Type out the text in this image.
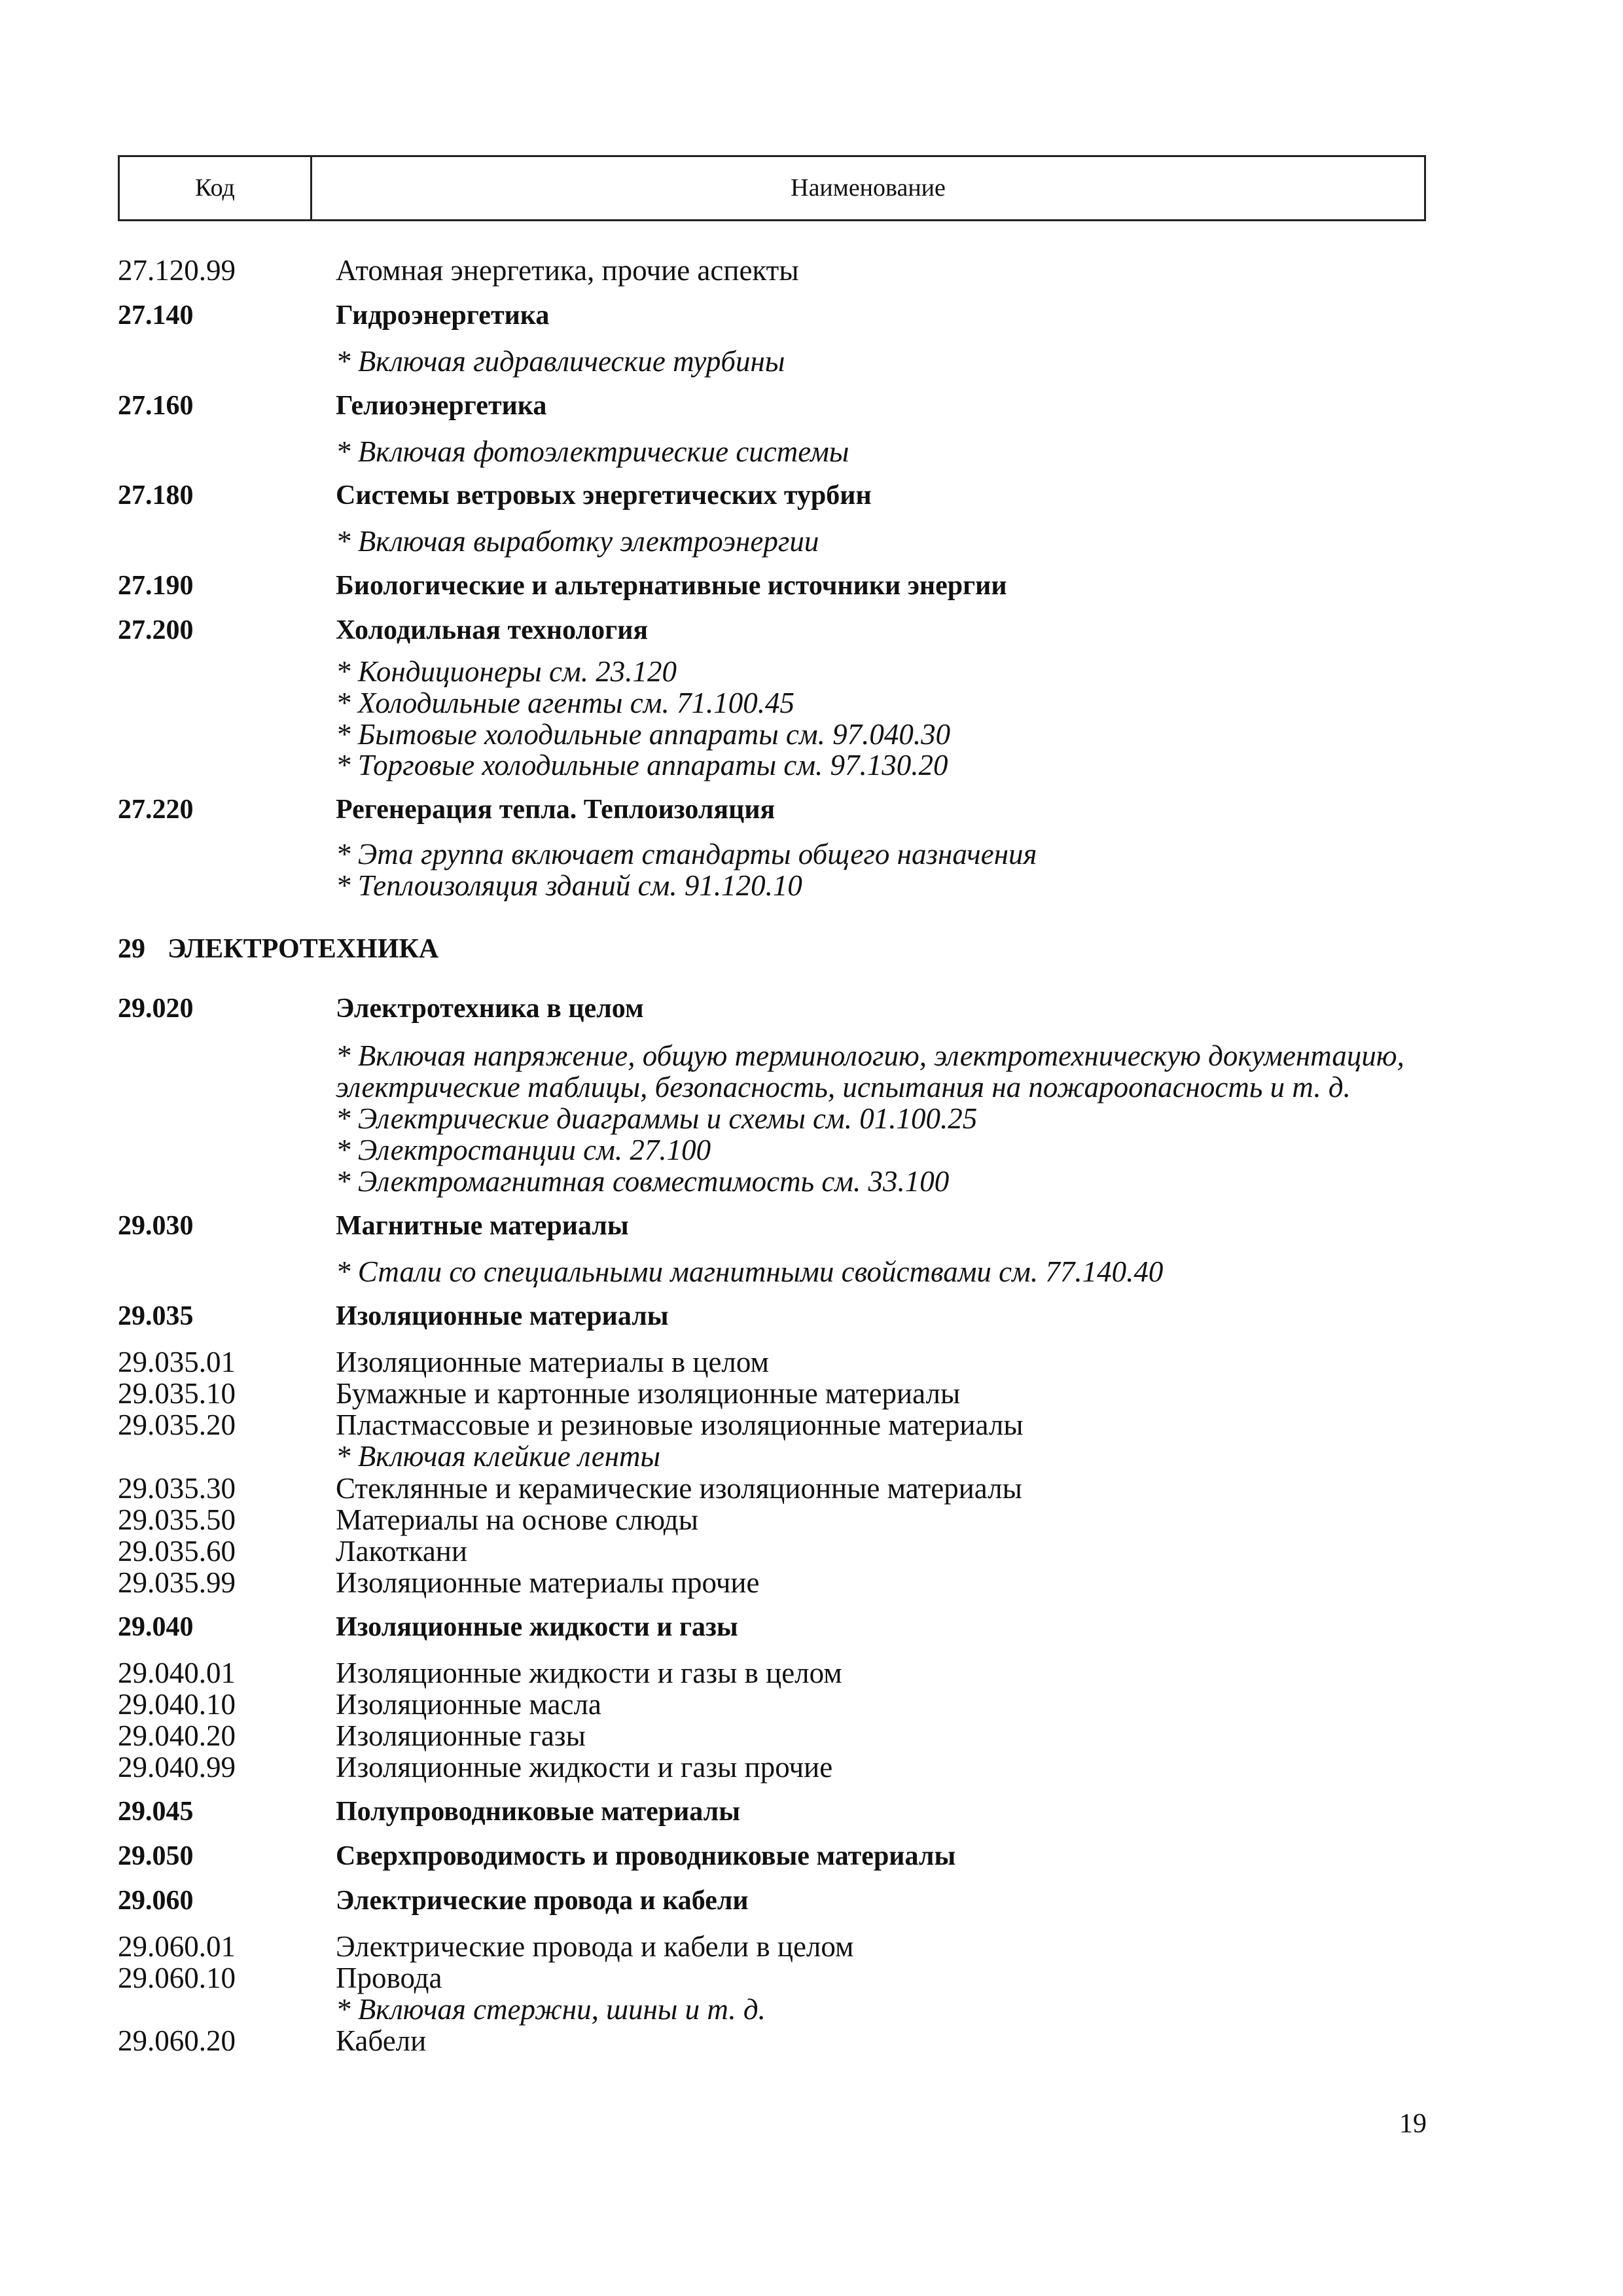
Код	Наименование
27.120.99	Атомная энергетика, прочие аспекты
27.140	Гидроэнергетика
* Включая гидравлические турбины
27.160	Гелиоэнергетика
* Включая фотоэлектрические системы
27.180	Системы ветровых энергетических турбин
* Включая выработку электроэнергии
27.190	Биологические и альтернативные источники энергии
27.200	Холодильная технология
* Кондиционеры см. 23.120
* Холодильные агенты см. 71.100.45
* Бытовые холодильные аппараты см. 97.040.30
* Торговые холодильные аппараты см. 97.130.20
27.220	Регенерация тепла. Теплоизоляция
* Эта группа включает стандарты общего назначения
* Теплоизоляция зданий см. 91.120.10
29 ЭЛЕКТРОТЕХНИКА
29.020	Электротехника в целом
* Включая напряжение, общую терминологию, электротехническую документацию,
электрические таблицы, безопасность, испытания на пожароопасность и т. д.
* Электрические диаграммы и схемы см. 01.100.25
* Электростанции см. 27.100
* Электромагнитная совместимость см. 33.100
29.030	Магнитные материалы
* Стали со специальными магнитными свойствами см. 77.140.40
29.035	Изоляционные материалы
29.035.01	Изоляционные материалы в целом
29.035.10	Бумажные и картонные изоляционные материалы
29.035.20	Пластмассовые и резиновые изоляционные материалы
* Включая клейкие ленты
29.035.30	Стеклянные и керамические изоляционные материалы
29.035.50	Материалы на основе слюды
29.035.60	Лакоткани
29.035.99	Изоляционные материалы прочие
29.040	Изоляционные жидкости и газы
29.040.01	Изоляционные жидкости и газы в целом
29.040.10	Изоляционные масла
29.040.20	Изоляционные газы
29.040.99	Изоляционные жидкости и газы прочие
29.045	Полупроводниковые материалы
29.050	Сверхпроводимость и проводниковые материалы
29.060	Электрические провода и кабели
29.060.01	Электрические провода и кабели в целом
29.060.10	Провода
* Включая стержни, шины и т. д.
29.060.20	Кабели
19
